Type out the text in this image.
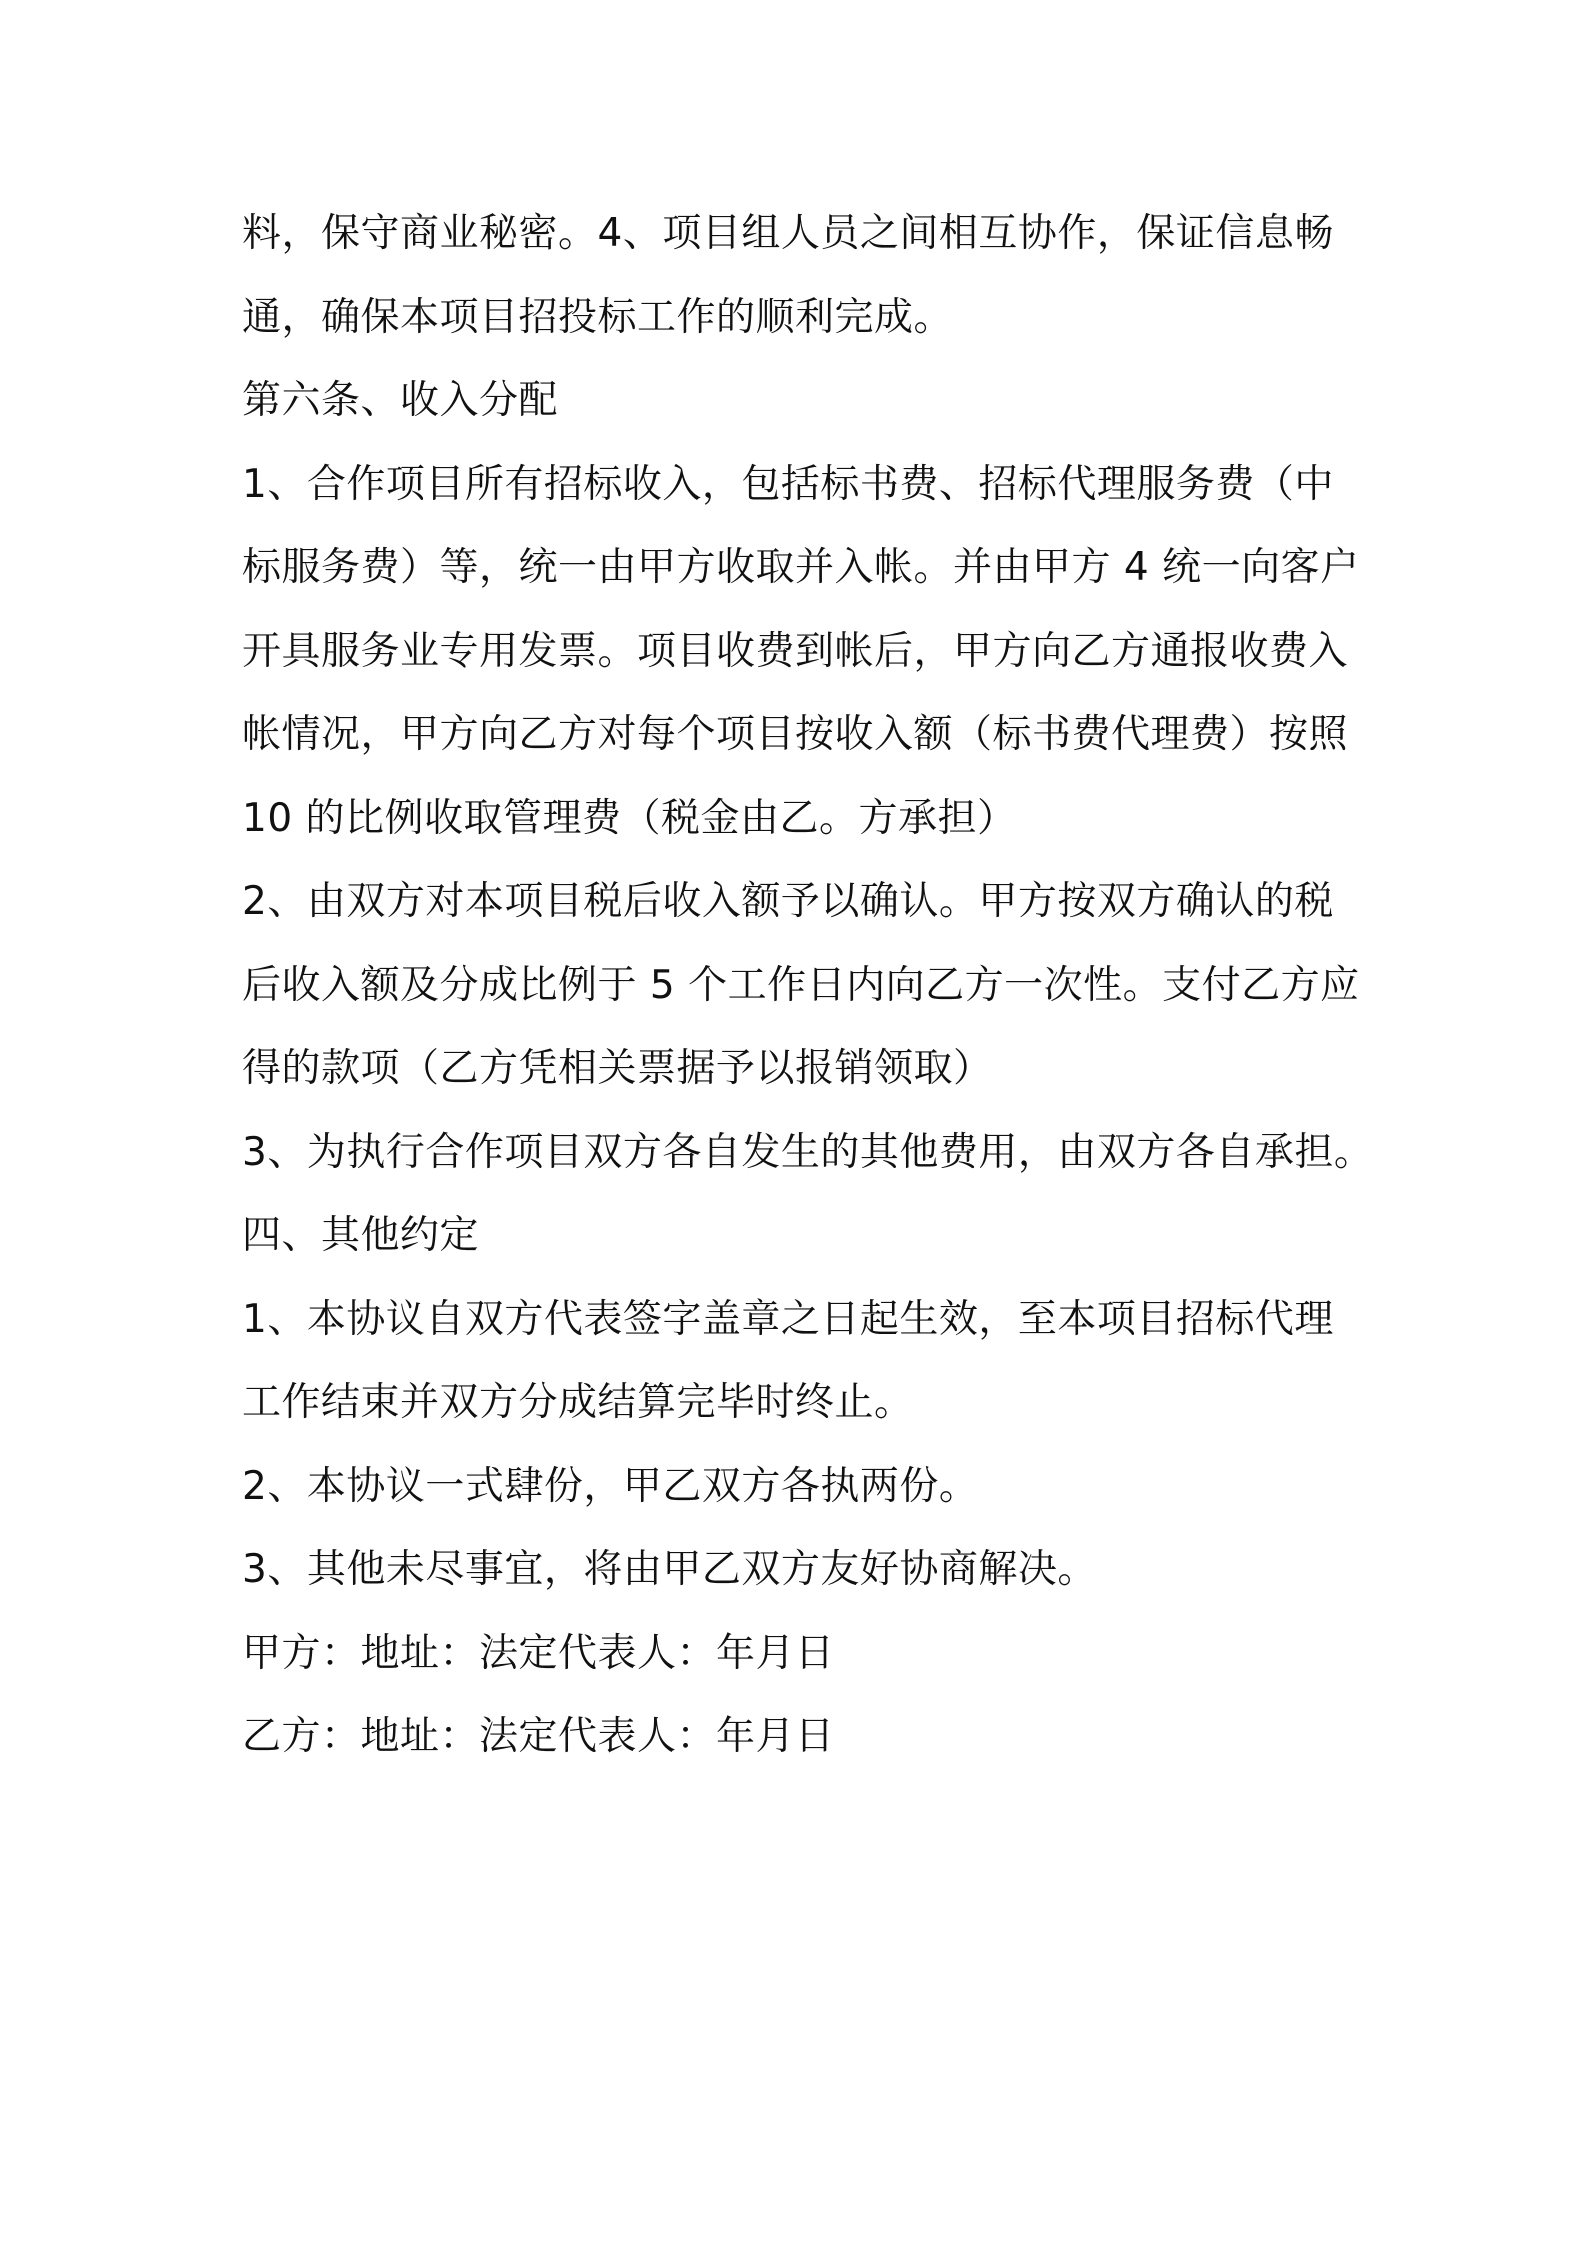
料，保守商业秘密。4、项目组人员之间相互协作，保证信息畅
通，确保本项目招投标工作的顺利完成。
第六条、收入分配
1、合作项目所有招标收入，包括标书费、招标代理服务费（中
标服务费）等，统一由甲方收取并入帐。并由甲方 4 统一向客户
开具服务业专用发票。项目收费到帐后，甲方向乙方通报收费入
帐情况，甲方向乙方对每个项目按收入额（标书费代理费）按照
10 的比例收取管理费（税金由乙。方承担）
2、由双方对本项目税后收入额予以确认。甲方按双方确认的税
后收入额及分成比例于 5 个工作日内向乙方一次性。支付乙方应
得的款项（乙方凭相关票据予以报销领取）
3、为执行合作项目双方各自发生的其他费用，由双方各自承担。
四、其他约定
1、本协议自双方代表签字盖章之日起生效，至本项目招标代理
工作结束并双方分成结算完毕时终止。
2、本协议一式肆份，甲乙双方各执两份。
3、其他未尽事宜，将由甲乙双方友好协商解决。
甲方：地址：法定代表人：年月日
乙方：地址：法定代表人：年月日
